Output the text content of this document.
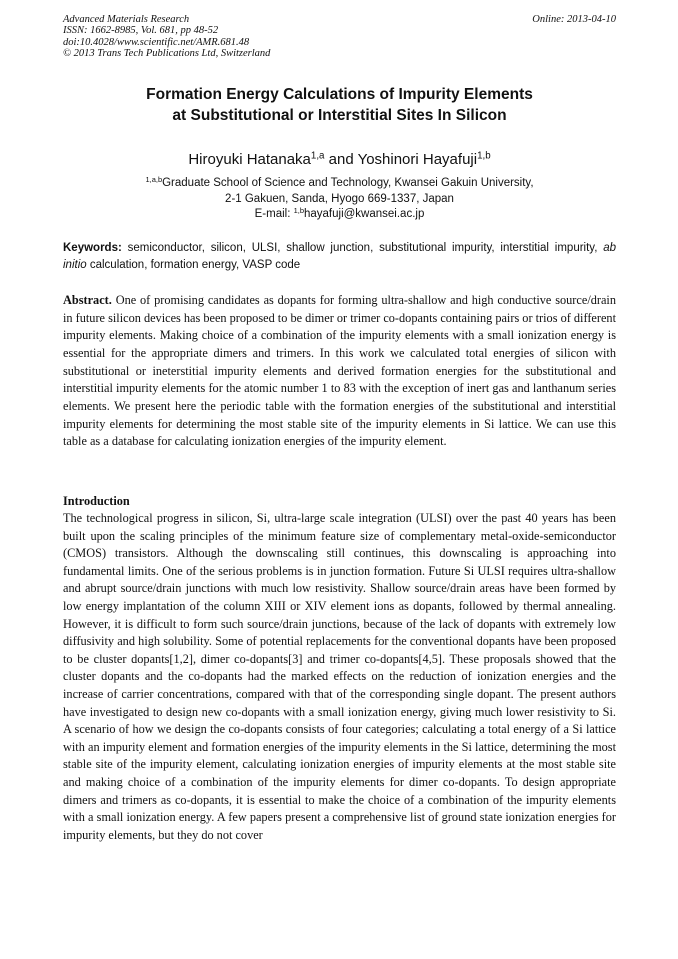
Advanced Materials Research
ISSN: 1662-8985, Vol. 681, pp 48-52
doi:10.4028/www.scientific.net/AMR.681.48
© 2013 Trans Tech Publications Ltd, Switzerland
Online: 2013-04-10
Formation Energy Calculations of Impurity Elements
at Substitutional or Interstitial Sites In Silicon
Hiroyuki Hatanaka$^{1,a}$ and Yoshinori Hayafuji$^{1,b}$
$^{1,a,b}$Graduate School of Science and Technology, Kwansei Gakuin University,
2-1 Gakuen, Sanda, Hyogo 669-1337, Japan
E-mail: $^{1,b}$hayafuji@kwansei.ac.jp
Keywords: semiconductor, silicon, ULSI, shallow junction, substitutional impurity, interstitial impurity, ab initio calculation, formation energy, VASP code
Abstract. One of promising candidates as dopants for forming ultra-shallow and high conductive source/drain in future silicon devices has been proposed to be dimer or trimer co-dopants containing pairs or trios of different impurity elements. Making choice of a combination of the impurity elements with a small ionization energy is essential for the appropriate dimers and trimers. In this work we calculated total energies of silicon with substitutional or ineterstitial impurity elements and derived formation energies for the substitutional and interstitial impurity elements for the atomic number 1 to 83 with the exception of inert gas and lanthanum series elements. We present here the periodic table with the formation energies of the substitutional and interstitial impurity elements for determining the most stable site of the impurity elements in Si lattice. We can use this table as a database for calculating ionization energies of the impurity element.
Introduction
The technological progress in silicon, Si, ultra-large scale integration (ULSI) over the past 40 years has been built upon the scaling principles of the minimum feature size of complementary metal-oxide-semiconductor (CMOS) transistors. Although the downscaling still continues, this downscaling is approaching into fundamental limits. One of the serious problems is in junction formation. Future Si ULSI requires ultra-shallow and abrupt source/drain junctions with much low resistivity. Shallow source/drain areas have been formed by low energy implantation of the column XIII or XIV element ions as dopants, followed by thermal annealing. However, it is difficult to form such source/drain junctions, because of the lack of dopants with extremely low diffusivity and high solubility. Some of potential replacements for the conventional dopants have been proposed to be cluster dopants[1,2], dimer co-dopants[3] and trimer co-dopants[4,5]. These proposals showed that the cluster dopants and the co-dopants had the marked effects on the reduction of ionization energies and the increase of carrier concentrations, compared with that of the corresponding single dopant. The present authors have investigated to design new co-dopants with a small ionization energy, giving much lower resistivity to Si. A scenario of how we design the co-dopants consists of four categories; calculating a total energy of a Si lattice with an impurity element and formation energies of the impurity elements in the Si lattice, determining the most stable site of the impurity element, calculating ionization energies of impurity elements at the most stable site and making choice of a combination of the impurity elements for dimer co-dopants. To design appropriate dimers and trimers as co-dopants, it is essential to make the choice of a combination of the impurity elements with a small ionization energy. A few papers present a comprehensive list of ground state ionization energies for impurity elements, but they do not cover
